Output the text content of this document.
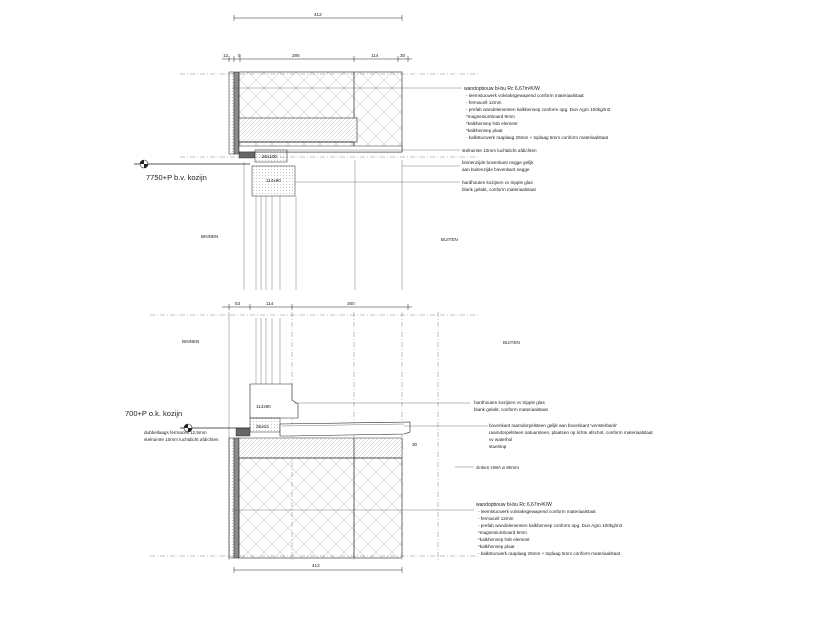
412
12 9	286	114	30
36x100
114x90
7750+P b.v. kozijn
wandopbouw bi-bu Rc 6,67m²K/W
- leemstucwerk volvlaksgewapend conform materiaalstaat
- fermacell 12mm
- prefab wandelementen kalkhennep conform opg. Dun Agro 100kg/m2
*magnesiumboard 9mm
*kalkhennep hsb element
*kalkhennep plaat
- kalkstucwerk raaplaag 25mm + toplaag 5mm conform materiaalstaat
stelruimte 10mm luchtdicht afdichten
binnenzijde bovenkant negge gelijk
aan buitenzijde bovenkant negge
hardhouten kozijnen vv tripple glas
blank gelakt, conform materiaalstaat
BINNEN
BUITEN
53	114	260
BINNEN	BUITEN
114x90
36x63
30
700+P o.k. kozijn
hardhouten kozijnen vv tripple glas
blank gelakt, conform materiaalstaat
bovenkant raamdorpelsteen gelijk aan bovenkant 'vensterbank'
raamdorpelsteen natuursteen, plaatsen op lichte afschot. conform materiaalstaat
vv waterhol
stuestop
dubbellaags fermacell 12,5mm
stelruimte 10mm luchtdicht afdichten
zinken HWA ø 80mm
wandopbouw bi-bu Rc 6,67m²K/W
- leemstucwerk volvlaksgewapend conform materiaalstaat
- fermacell 12mm
- prefab wandelementen kalkhennep conform opg. Dun Agro 100kg/m2
*magnesiumboard 9mm
*kalkhennep hsb element
*kalkhennep plaat
- kalkstucwerk raaplaag 25mm + toplaag 5mm conform materiaalstaat
412
